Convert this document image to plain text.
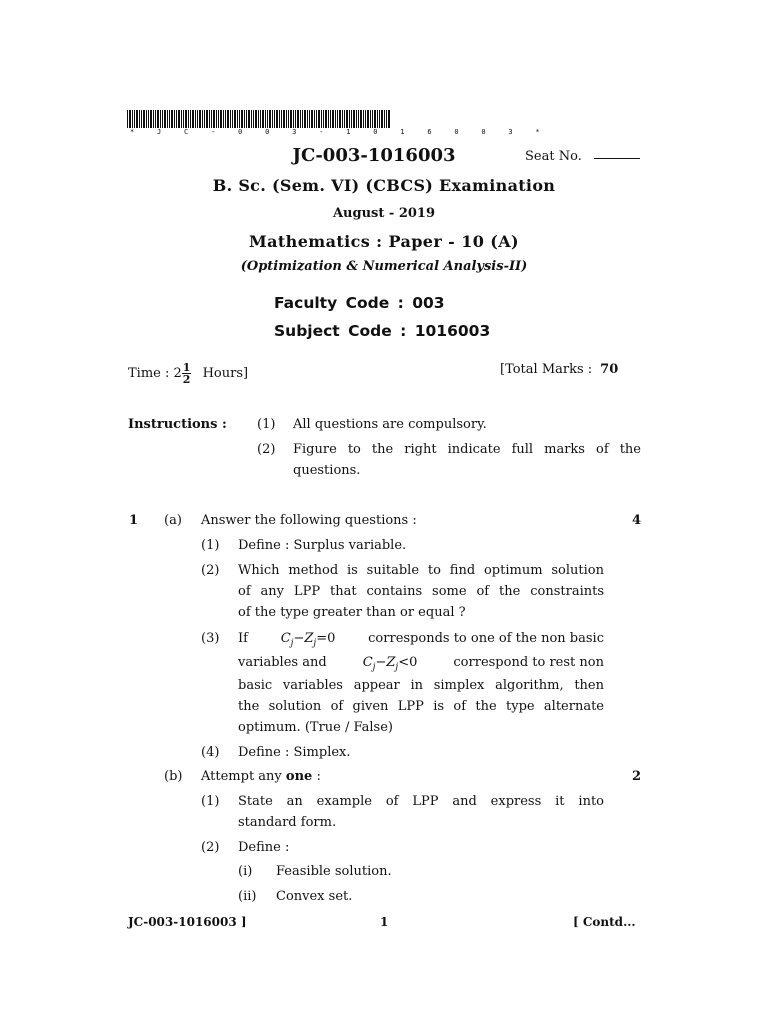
* J C - 0 0 3 - 1 0 1 6 0 0 3 *
JC-003-1016003	Seat No.
B. Sc. (Sem. VI) (CBCS) Examination
August - 2019
Mathematics : Paper - 10 (A)
(Optimization & Numerical Analysis-II)
Faculty Code : 003
Subject Code : 1016003
Time : $2 \frac{1}{2}$ Hours]	[Total Marks : 70
Instructions : (1) All questions are compulsory.
(2) Figure to the right indicate full marks of the
questions.
1 (a) Answer the following questions :	4
(1) Define : Surplus variable.
(2) Which method is suitable to find optimum solution
of any LPP that contains some of the constraints
of the type greater than or equal ?
(3) If	$C_j-Z_j=0$	corresponds to one of the non basic
variables and	$C_j-Z_j<0$	correspond to rest non
basic variables appear in simplex algorithm, then
the solution of given LPP is of the type alternate
optimum. (True / False)
(4) Define : Simplex.
(b) Attempt any one :	2
(1) State an example of LPP and express it into
standard form.
(2) Define :
(i) Feasible solution.
(ii) Convex set.
JC-003-1016003 ]	1	[ Contd...
